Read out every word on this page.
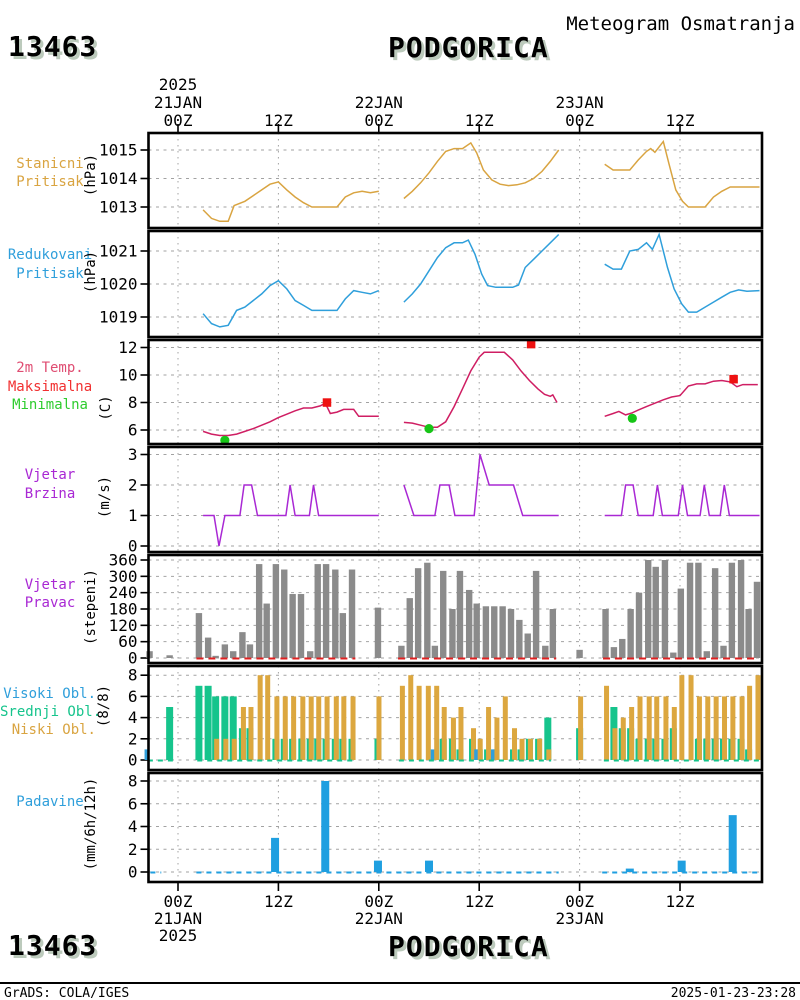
13463	PODGORICA
Meteogram Osmatranja
Stanicni
Pritisak
Redukovani
Pritisak
2m Temp.
Maksimalna
Minimalna
Vjetar
Brzina
Vjetar
Pravac
Visoki Obl.
Srednji Obl.
Niski Obl.
Padavine
(hPa)
(hPa)
(C)
(m/s)
(stepeni)
(8/8)
(mm/6h/12h)
1013
1014
1015
1019
1020
1021
6
8
10
12
0
1
2
3
0
60
120
180
240
300
360
0
2
4
6
8
0
2
4
6
8
00Z
21JAN
2025
12Z	00Z
22JAN
12Z	00Z
23JAN
12Z
00Z
21JAN
2025
12Z	00Z
22JAN
12Z	00Z
23JAN
12Z
13463	PODGORICA
GrADS: COLA/IGES	2025-01-23-23:28
